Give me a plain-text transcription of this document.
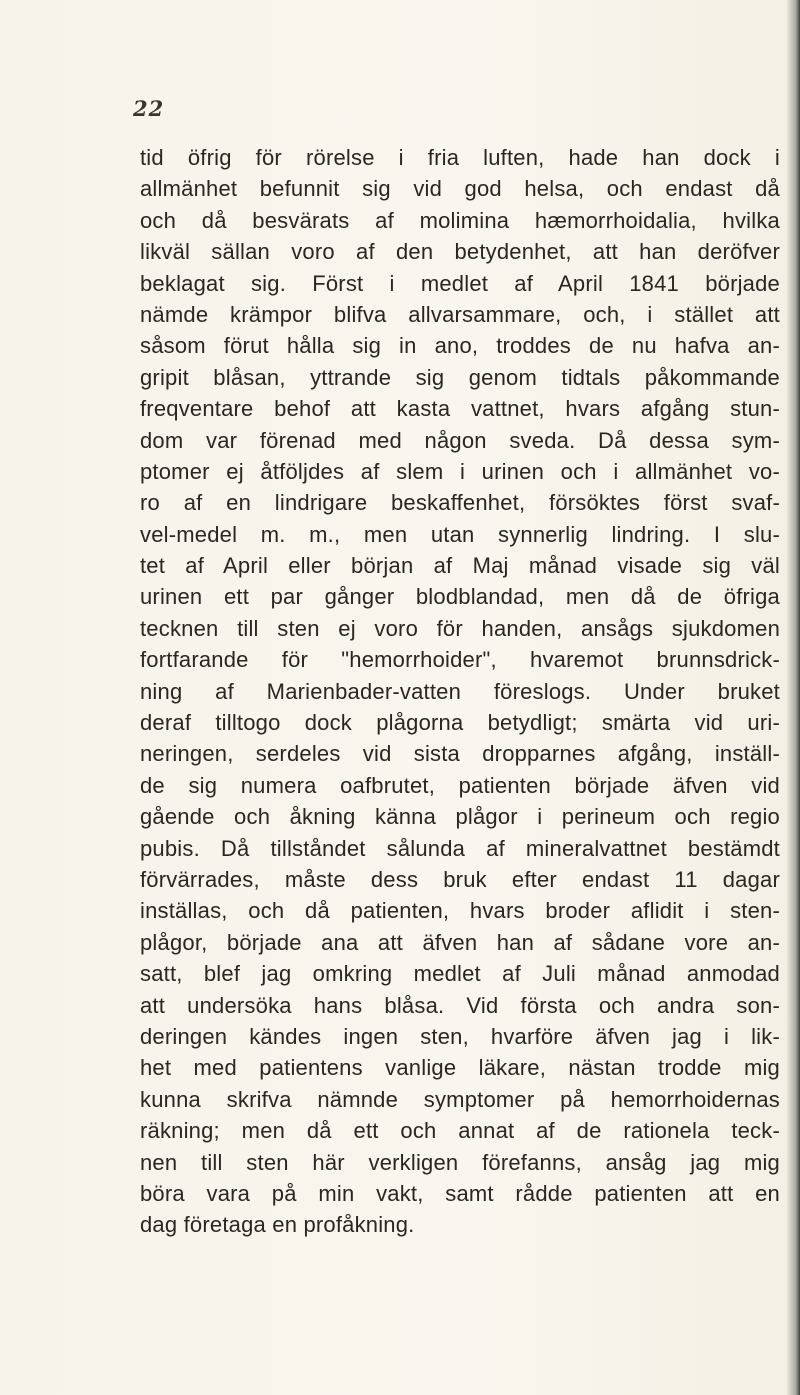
22
tid öfrig för rörelse i fria luften, hade han dock i
allmänhet befunnit sig vid god helsa, och endast då
och då besvärats af molimina hæmorrhoidalia, hvilka
likväl sällan voro af den betydenhet, att han deröfver
beklagat sig. Först i medlet af April 1841 började
nämde krämpor blifva allvarsammare, och, i stället att
såsom förut hålla sig in ano, troddes de nu hafva an-
gripit blåsan, yttrande sig genom tidtals påkommande
freqventare behof att kasta vattnet, hvars afgång stun-
dom var förenad med någon sveda. Då dessa sym-
ptomer ej åtföljdes af slem i urinen och i allmänhet vo-
ro af en lindrigare beskaffenhet, försöktes först svaf-
vel-medel m. m., men utan synnerlig lindring. I slu-
tet af April eller början af Maj månad visade sig väl
urinen ett par gånger blodblandad, men då de öfriga
tecknen till sten ej voro för handen, ansågs sjukdomen
fortfarande för "hemorrhoider", hvaremot brunnsdrick-
ning af Marienbader-vatten föreslogs. Under bruket
deraf tilltogo dock plågorna betydligt; smärta vid uri-
neringen, serdeles vid sista dropparnes afgång, inställ-
de sig numera oafbrutet, patienten började äfven vid
gående och åkning känna plågor i perineum och regio
pubis. Då tillståndet sålunda af mineralvattnet bestämdt
förvärrades, måste dess bruk efter endast 11 dagar
inställas, och då patienten, hvars broder aflidit i sten-
plågor, började ana att äfven han af sådane vore an-
satt, blef jag omkring medlet af Juli månad anmodad
att undersöka hans blåsa. Vid första och andra son-
deringen kändes ingen sten, hvarföre äfven jag i lik-
het med patientens vanlige läkare, nästan trodde mig
kunna skrifva nämnde symptomer på hemorrhoidernas
räkning; men då ett och annat af de rationela teck-
nen till sten här verkligen förefanns, ansåg jag mig
böra vara på min vakt, samt rådde patienten att en
dag företaga en profåkning.
